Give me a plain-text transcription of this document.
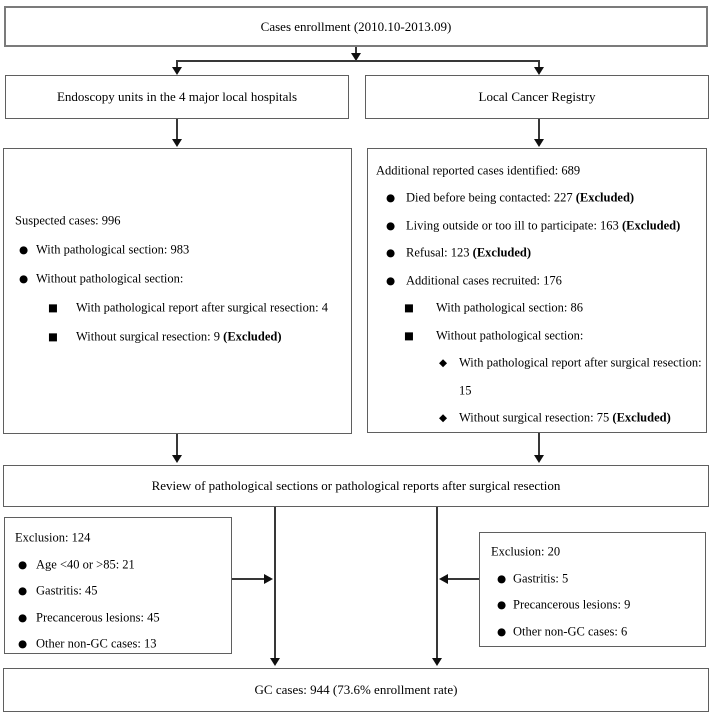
Cases enrollment (2010.10-2013.09)
Endoscopy units in the 4 major local hospitals	Local Cancer Registry
Suspected cases: 996
● With pathological section: 983
● Without pathological section:
■ With pathological report after surgical resection: 4
■ Without surgical resection: 9 (Excluded)
Additional reported cases identified: 689
● Died before being contacted: 227 (Excluded)
● Living outside or too ill to participate: 163 (Excluded)
● Refusal: 123 (Excluded)
● Additional cases recruited: 176
■ With pathological section: 86
■ Without pathological section:
◆ With pathological report after surgical resection:
15
◆ Without surgical resection: 75 (Excluded)
Review of pathological sections or pathological reports after surgical resection
Exclusion: 124
● Age <40 or >85: 21
● Gastritis: 45
● Precancerous lesions: 45
● Other non-GC cases: 13
Exclusion: 20
● Gastritis: 5
● Precancerous lesions: 9
● Other non-GC cases: 6
GC cases: 944 (73.6% enrollment rate)
